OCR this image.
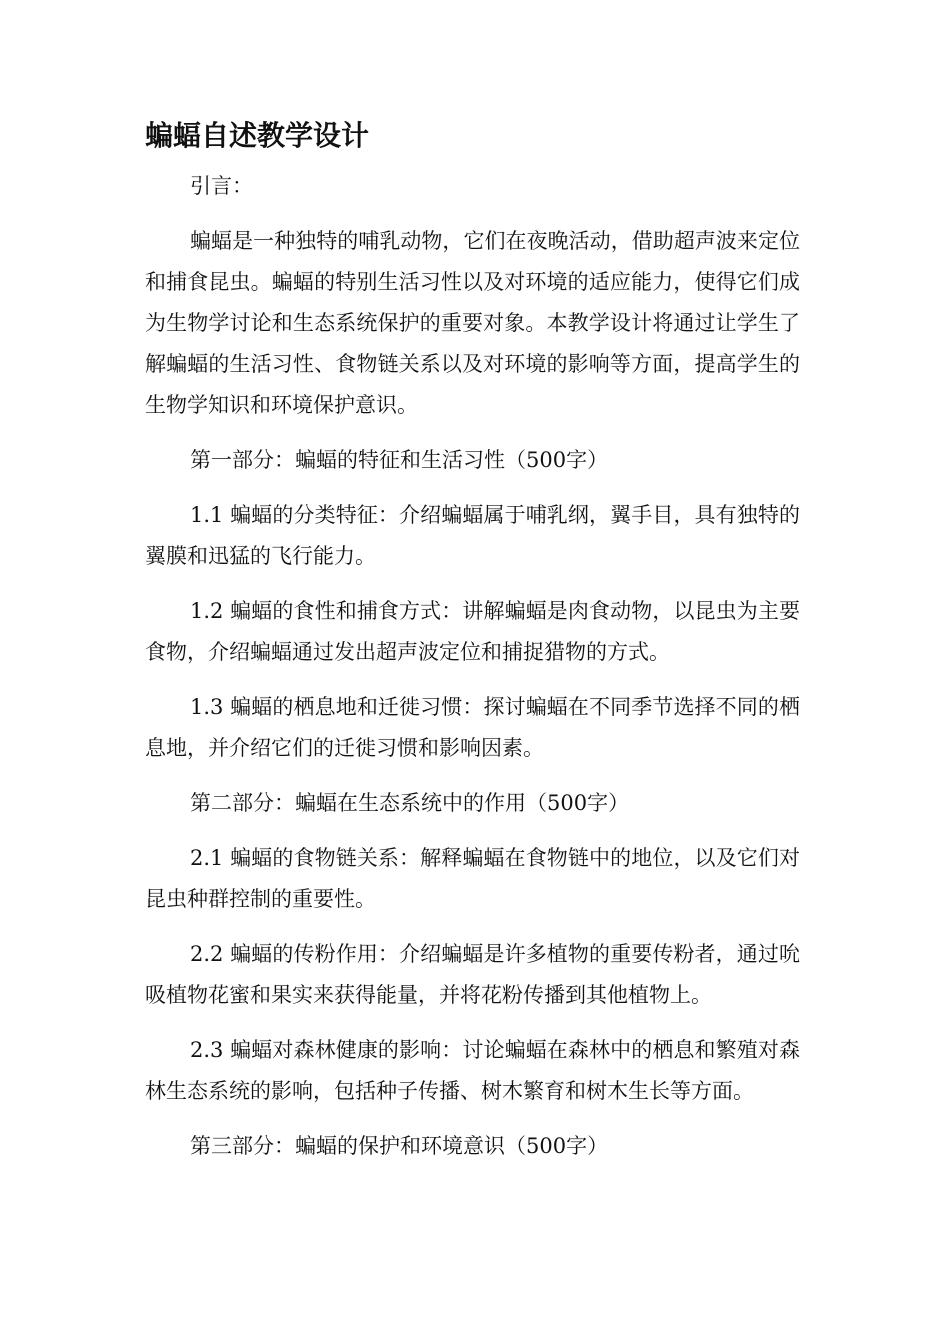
蝙蝠自述教学设计

引言：

蝙蝠是一种独特的哺乳动物，它们在夜晚活动，借助超声波来定位和捕食昆虫。蝙蝠的特别生活习性以及对环境的适应能力，使得它们成为生物学讨论和生态系统保护的重要对象。本教学设计将通过让学生了解蝙蝠的生活习性、食物链关系以及对环境的影响等方面，提高学生的生物学知识和环境保护意识。

第一部分：蝙蝠的特征和生活习性（500字）

1.1 蝙蝠的分类特征：介绍蝙蝠属于哺乳纲，翼手目，具有独特的翼膜和迅猛的飞行能力。

1.2 蝙蝠的食性和捕食方式：讲解蝙蝠是肉食动物，以昆虫为主要食物，介绍蝙蝠通过发出超声波定位和捕捉猎物的方式。

1.3 蝙蝠的栖息地和迁徙习惯：探讨蝙蝠在不同季节选择不同的栖息地，并介绍它们的迁徙习惯和影响因素。

第二部分：蝙蝠在生态系统中的作用（500字）

2.1 蝙蝠的食物链关系：解释蝙蝠在食物链中的地位，以及它们对昆虫种群控制的重要性。

2.2 蝙蝠的传粉作用：介绍蝙蝠是许多植物的重要传粉者，通过吮吸植物花蜜和果实来获得能量，并将花粉传播到其他植物上。

2.3 蝙蝠对森林健康的影响：讨论蝙蝠在森林中的栖息和繁殖对森林生态系统的影响，包括种子传播、树木繁育和树木生长等方面。

第三部分：蝙蝠的保护和环境意识（500字）
